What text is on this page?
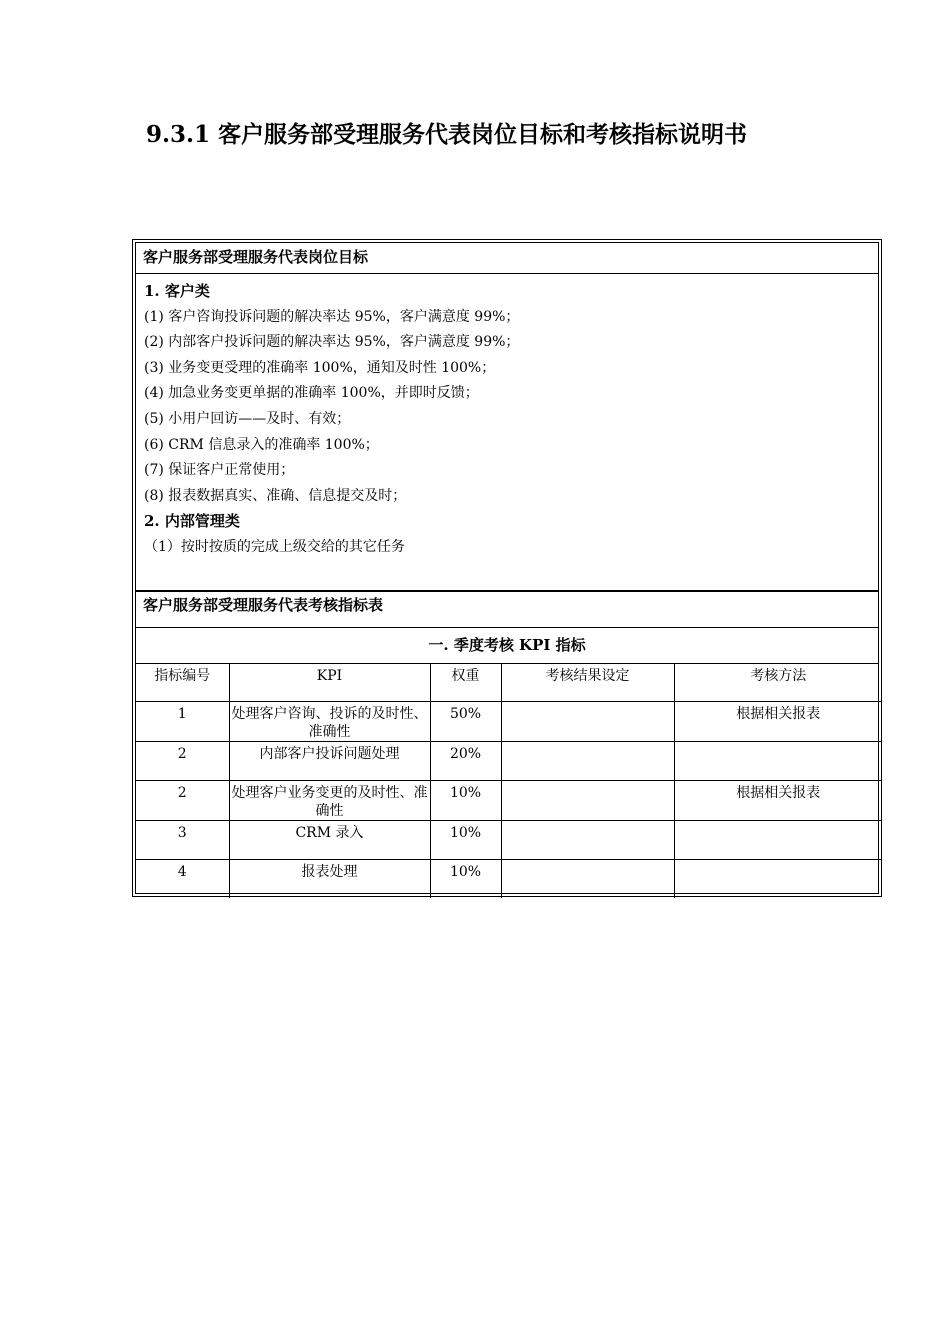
9.3.1 客户服务部受理服务代表岗位目标和考核指标说明书
客户服务部受理服务代表岗位目标
1. 客户类
(1) 客户咨询投诉问题的解决率达 95%，客户满意度 99%；
(2) 内部客户投诉问题的解决率达 95%，客户满意度 99%；
(3) 业务变更受理的准确率 100%，通知及时性 100%；
(4) 加急业务变更单据的准确率 100%，并即时反馈；
(5) 小用户回访——及时、有效；
(6) CRM 信息录入的准确率 100%；
(7) 保证客户正常使用；
(8) 报表数据真实、准确、信息提交及时；
2. 内部管理类
（1）按时按质的完成上级交给的其它任务
客户服务部受理服务代表考核指标表
一. 季度考核 KPI 指标
指标编号	KPI	权重	考核结果设定	考核方法
1	处理客户咨询、投诉的及时性、准确性	50%		根据相关报表
2	内部客户投诉问题处理	20%		
2	处理客户业务变更的及时性、准确性	10%		根据相关报表
3	CRM 录入	10%		
4	报表处理	10%		
